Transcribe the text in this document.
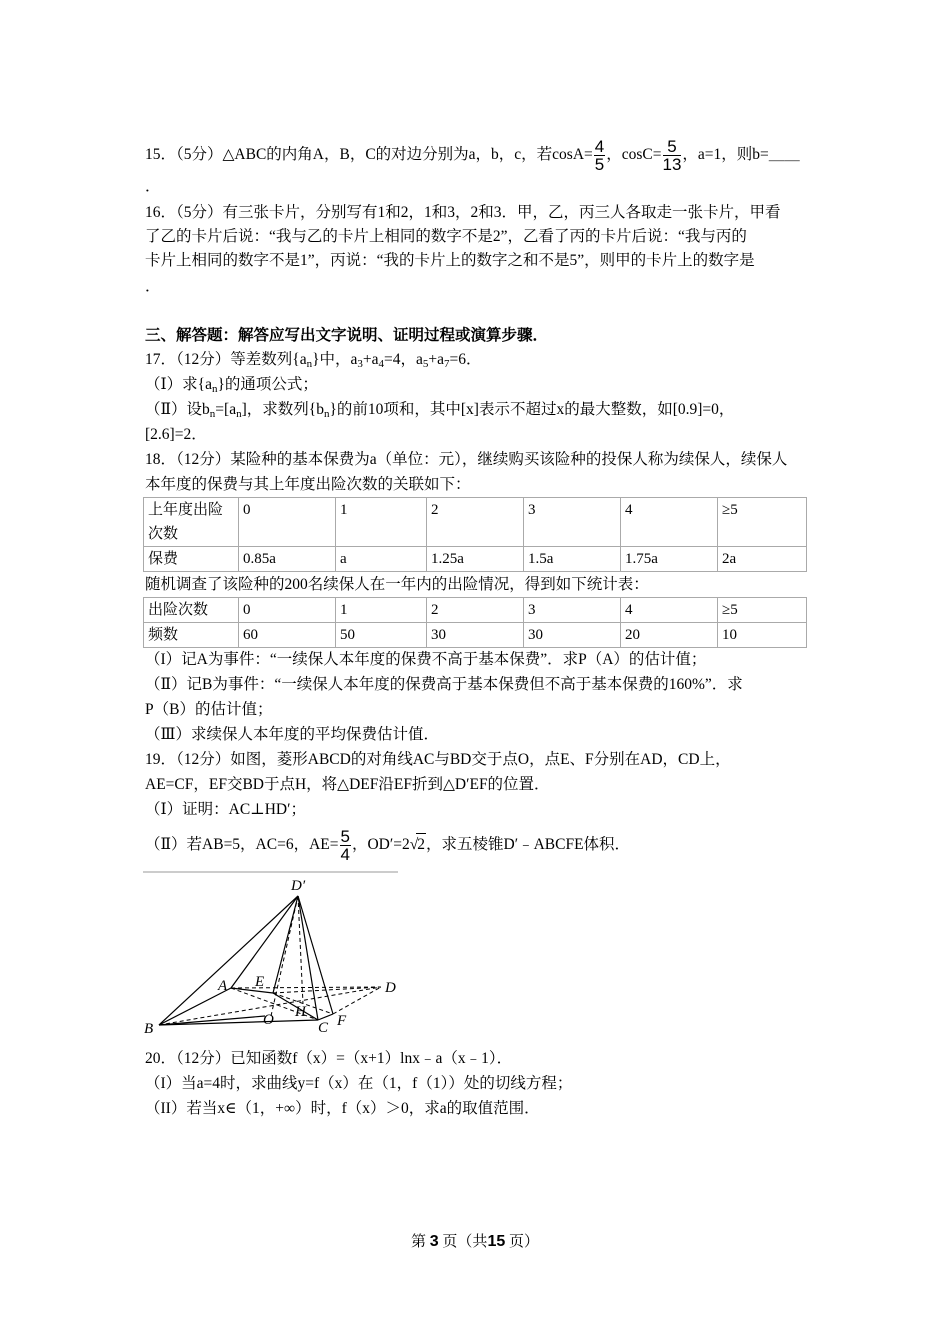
15．（5分）△ABC的内角A，B，C的对边分别为a，b，c，若$\cos A= \frac{4}{5}$ ，$\cos C= \frac{5}{13}$ ，a=1，则b=＿＿
．
16．（5分）有三张卡片，分别写有1和2，1和3，2和3．甲，乙，丙三人各取走一张卡片，甲看
了乙的卡片后说：“我与乙的卡片上相同的数字不是2”，乙看了丙的卡片后说：“我与丙的
卡片上相同的数字不是1”，丙说：“我的卡片上的数字之和不是5”，则甲的卡片上的数字是
．
三、解答题：解答应写出文字说明、证明过程或演算步骤．
17．（12分）等差数列$\{a_n\}$中，$a_3+a_4=4$，$a_5+a_7=6$．
（Ⅰ）求$\{a_n\}$的通项公式；
（Ⅱ）设$b_n=[a_n]$，求数列$\{b_n\}$的前10项和，其中[x]表示不超过x的最大整数，如[0.9]=0，
[2.6]=2．
18．（12分）某险种的基本保费为a（单位：元），继续购买该险种的投保人称为续保人，续保人
本年度的保费与其上年度出险次数的关联如下：
上年度出险
次数	0	1	2	3	4	≥5
保费	0.85a	a	1.25a	1.5a	1.75a	2a
随机调查了该险种的200名续保人在一年内的出险情况，得到如下统计表：
出险次数	0	1	2	3	4	≥5
频数	60	50	30	30	20	10
（I）记A为事件：“一续保人本年度的保费不高于基本保费”．求P（A）的估计值；
（Ⅱ）记B为事件：“一续保人本年度的保费高于基本保费但不高于基本保费的160%”．求
P（B）的估计值；
（Ⅲ）求续保人本年度的平均保费估计值．
19．（12分）如图，菱形ABCD的对角线AC与BD交于点O，点E、F分别在AD，CD上，
AE=CF，EF交BD于点H，将△DEF沿EF折到△D′EF的位置．
（Ⅰ）证明：AC⊥HD′；
（Ⅱ）若AB=5，AC=6，$AE= \frac{5}{4}$ ，OD′=2√2，求五棱锥D′﹣ABCFE体积．
D′
A E	D
B
O H
C F
20．（12分）已知函数f（x）=（x+1）lnx﹣a（x﹣1）．
（I）当a=4时，求曲线y=f（x）在（1，f（1））处的切线方程；
（II）若当x∈（1，+∞）时，f（x）＞0，求a的取值范围．
第 3 页（共15 页）
